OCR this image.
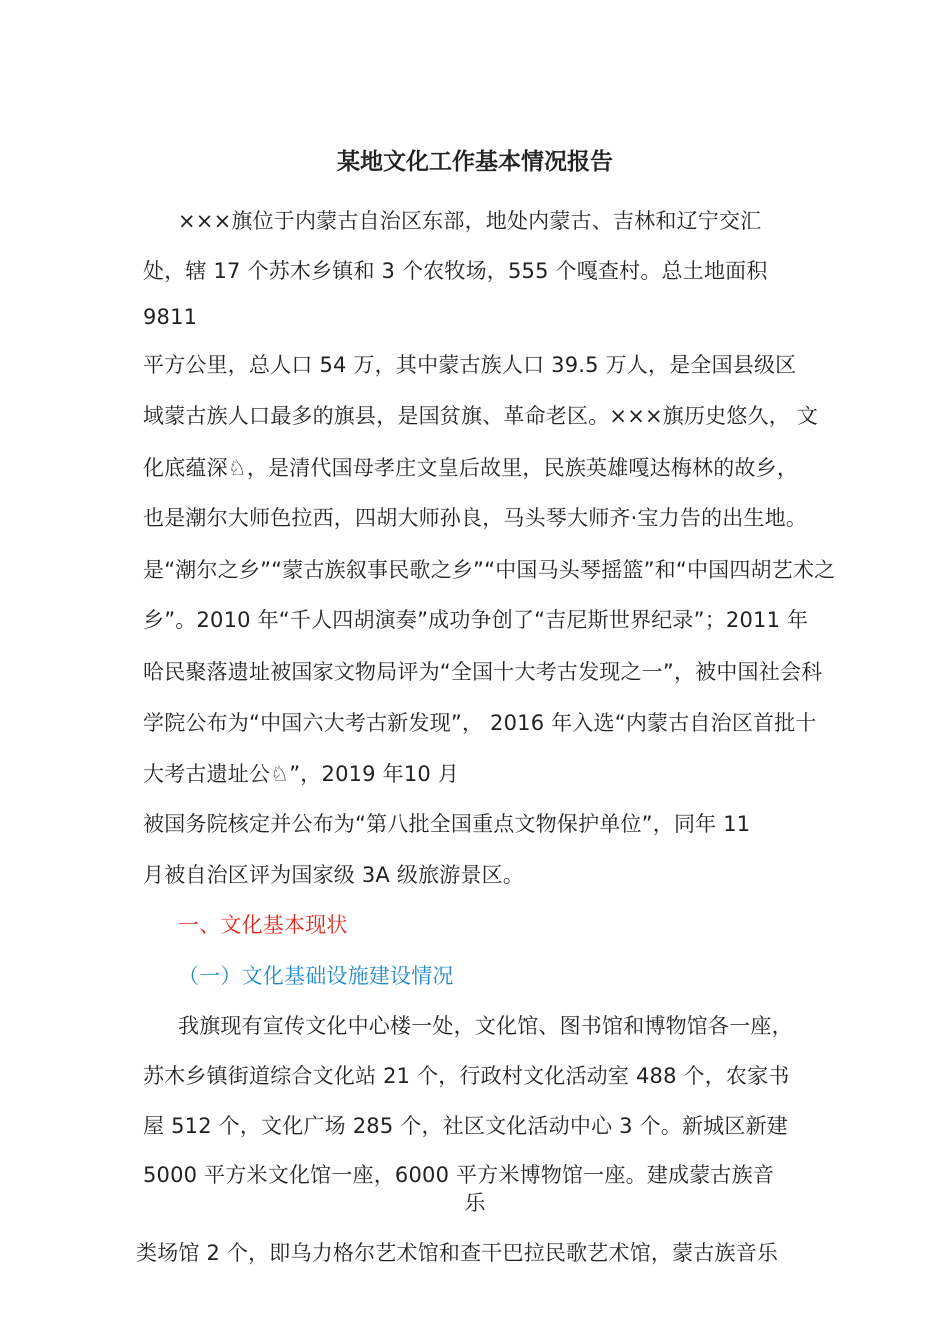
某地文化工作基本情况报告
×××旗位于内蒙古自治区东部，地处内蒙古、吉林和辽宁交汇
处，辖 17 个苏木乡镇和 3 个农牧场，555 个嘎查村。总土地面积
9811
平方公里，总人口 54 万，其中蒙古族人口 39.5 万人，是全国县级区
域蒙古族人口最多的旗县，是国贫旗、革命老区。×××旗历史悠久， 文
化底蕴深♘，是清代国母孝庄文皇后故里，民族英雄嘎达梅林的故乡，
也是潮尔大师色拉西，四胡大师孙良，马头琴大师齐·宝力告的出生地。
是“潮尔之乡”“蒙古族叙事民歌之乡”“中国马头琴摇篮”和“中国四胡艺术之
乡”。2010 年“千人四胡演奏”成功争创了“吉尼斯世界纪录”；2011 年
哈民聚落遗址被国家文物局评为“全国十大考古发现之一”，被中国社会科
学院公布为“中国六大考古新发现”， 2016 年入选“内蒙古自治区首批十
大考古遗址公♘”，2019 年10 月
被国务院核定并公布为“第八批全国重点文物保护单位”，同年 11
月被自治区评为国家级 3A 级旅游景区。
一、文化基本现状
（一）文化基础设施建设情况
我旗现有宣传文化中心楼一处，文化馆、图书馆和博物馆各一座，
苏木乡镇街道综合文化站 21 个，行政村文化活动室 488 个，农家书
屋 512 个，文化广场 285 个，社区文化活动中心 3 个。新城区新建
5000 平方米文化馆一座，6000 平方米博物馆一座。建成蒙古族音
乐
类场馆 2 个，即乌力格尔艺术馆和查干巴拉民歌艺术馆，蒙古族音乐
